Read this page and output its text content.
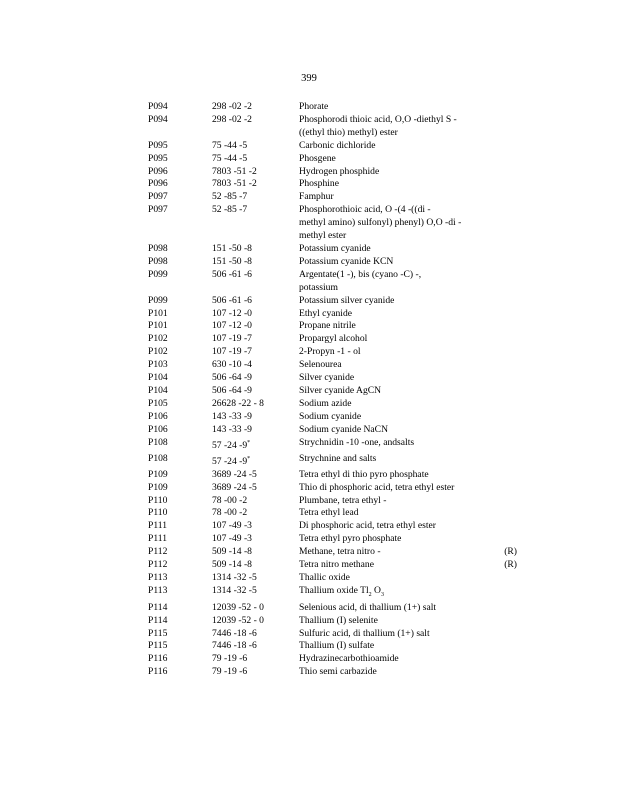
399
P094	298 -02 -2	Phorate
P094	298 -02 -2	Phosphorodi thioic acid, O,O -diethyl S -
((ethyl thio) methyl) ester
P095	75 -44 -5	Carbonic dichloride
P095	75 -44 -5	Phosgene
P096	7803 -51 -2	Hydrogen phosphide
P096	7803 -51 -2	Phosphine
P097	52 -85 -7	Famphur
P097	52 -85 -7	Phosphorothioic acid, O -(4 -((di -
methyl amino) sulfonyl) phenyl) O,O -di -
methyl ester
P098	151 -50 -8	Potassium cyanide
P098	151 -50 -8	Potassium cyanide KCN
P099	506 -61 -6	Argentate(1 -), bis (cyano -C) -,
potassium
P099	506 -61 -6	Potassium silver cyanide
P101	107 -12 -0	Ethyl cyanide
P101	107 -12 -0	Propane nitrile
P102	107 -19 -7	Propargyl alcohol
P102	107 -19 -7	2-Propyn -1 - ol
P103	630 -10 -4	Selenourea
P104	506 -64 -9	Silver cyanide
P104	506 -64 -9	Silver cyanide AgCN
P105	26628 -22 - 8	Sodium azide
P106	143 -33 -9	Sodium cyanide
P106	143 -33 -9	Sodium cyanide NaCN
P108	57 -24 -9*	Strychnidin -10 -one, andsalts
P108	57 -24 -9*	Strychnine and salts
P109	3689 -24 -5	Tetra ethyl di thio pyro phosphate
P109	3689 -24 -5	Thio di phosphoric acid, tetra ethyl ester
P110	78 -00 -2	Plumbane, tetra ethyl -
P110	78 -00 -2	Tetra ethyl lead
P111	107 -49 -3	Di phosphoric acid, tetra ethyl ester
P111	107 -49 -3	Tetra ethyl pyro phosphate
P112	509 -14 -8	Methane, tetra nitro -	(R)
P112	509 -14 -8	Tetra nitro methane	(R)
P113	1314 -32 -5	Thallic oxide
P113	1314 -32 -5	Thallium oxide $Tl_2$ $O_3$
P114	12039 -52 - 0	Selenious acid, di thallium (1+) salt
P114	12039 -52 - 0	Thallium (I) selenite
P115	7446 -18 -6	Sulfuric acid, di thallium (1+) salt
P115	7446 -18 -6	Thallium (I) sulfate
P116	79 -19 -6	Hydrazinecarbothioamide
P116	79 -19 -6	Thio semi carbazide
